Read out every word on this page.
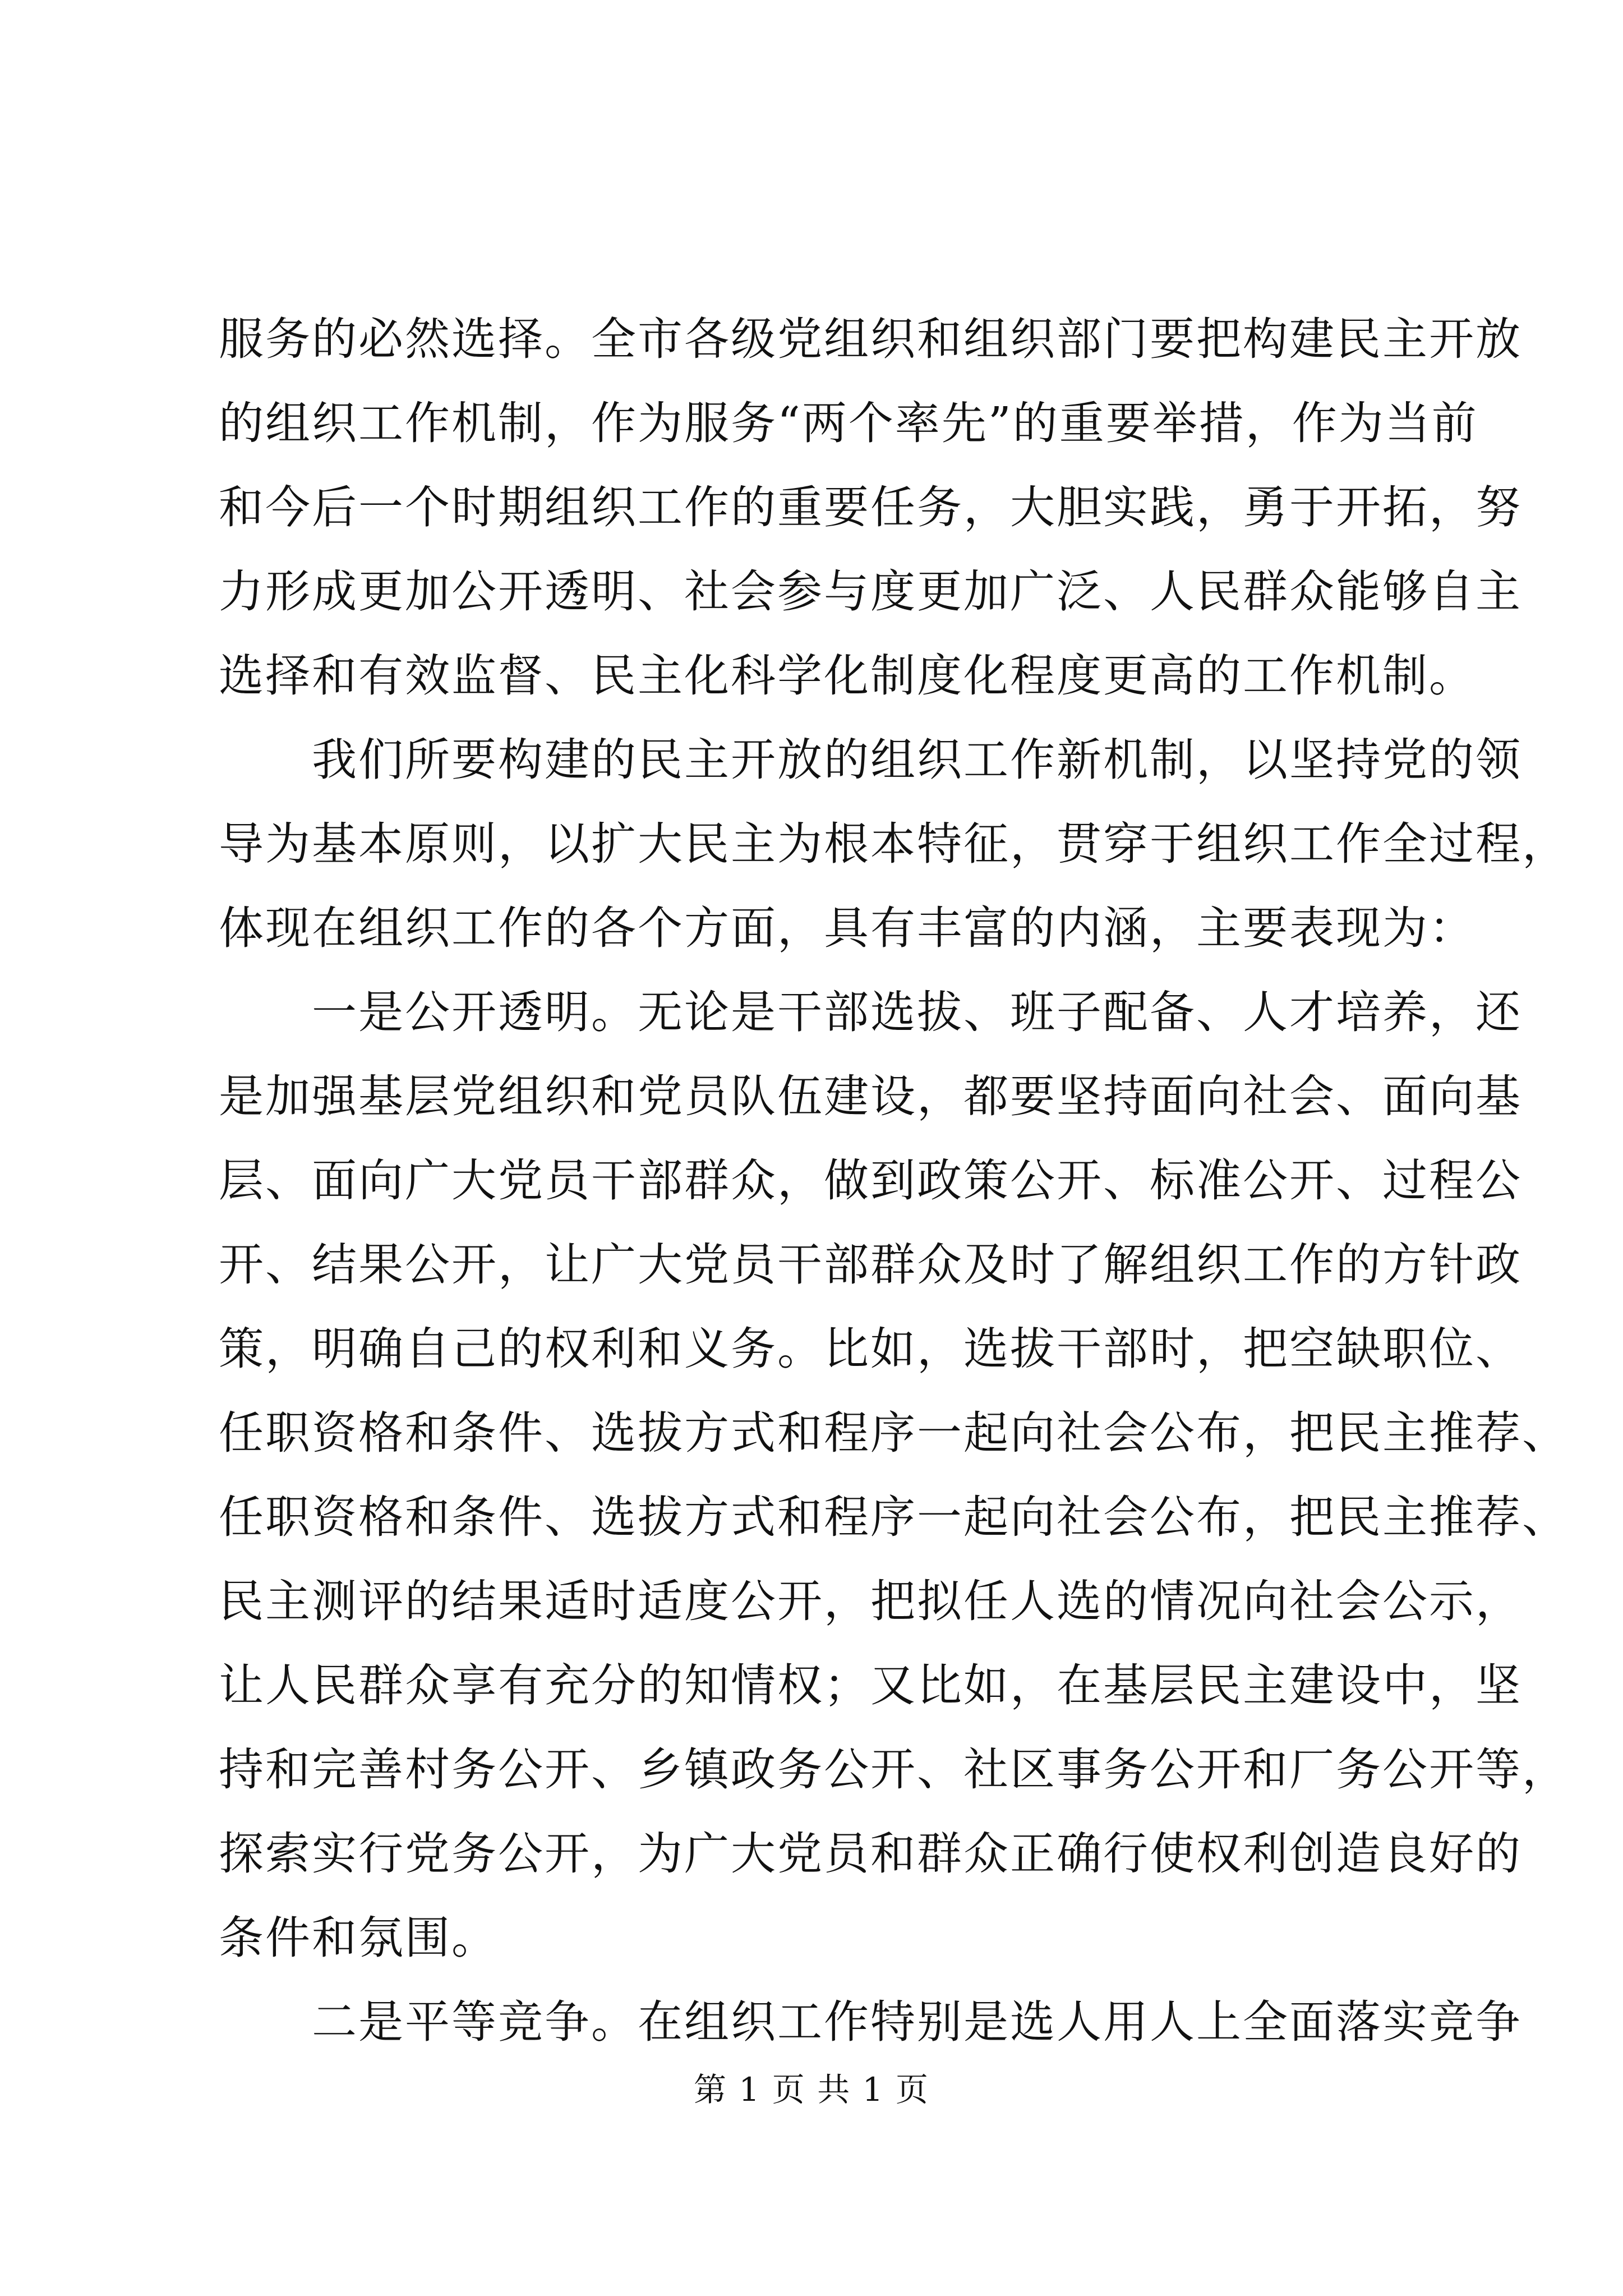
服务的必然选择。全市各级党组织和组织部门要把构建民主开放
的组织工作机制，作为服务“两个率先”的重要举措，作为当前
和今后一个时期组织工作的重要任务，大胆实践，勇于开拓，努
力形成更加公开透明、社会参与度更加广泛、人民群众能够自主
选择和有效监督、民主化科学化制度化程度更高的工作机制。
　　我们所要构建的民主开放的组织工作新机制，以坚持党的领
导为基本原则，以扩大民主为根本特征，贯穿于组织工作全过程，
体现在组织工作的各个方面，具有丰富的内涵，主要表现为：
　　一是公开透明。无论是干部选拔、班子配备、人才培养，还
是加强基层党组织和党员队伍建设，都要坚持面向社会、面向基
层、面向广大党员干部群众，做到政策公开、标准公开、过程公
开、结果公开，让广大党员干部群众及时了解组织工作的方针政
策，明确自己的权利和义务。比如，选拔干部时，把空缺职位、
任职资格和条件、选拔方式和程序一起向社会公布，把民主推荐、
任职资格和条件、选拔方式和程序一起向社会公布，把民主推荐、
民主测评的结果适时适度公开，把拟任人选的情况向社会公示，
让人民群众享有充分的知情权；又比如，在基层民主建设中，坚
持和完善村务公开、乡镇政务公开、社区事务公开和厂务公开等，
探索实行党务公开，为广大党员和群众正确行使权利创造良好的
条件和氛围。
　　二是平等竞争。在组织工作特别是选人用人上全面落实竞争
第 1 页 共 1 页
